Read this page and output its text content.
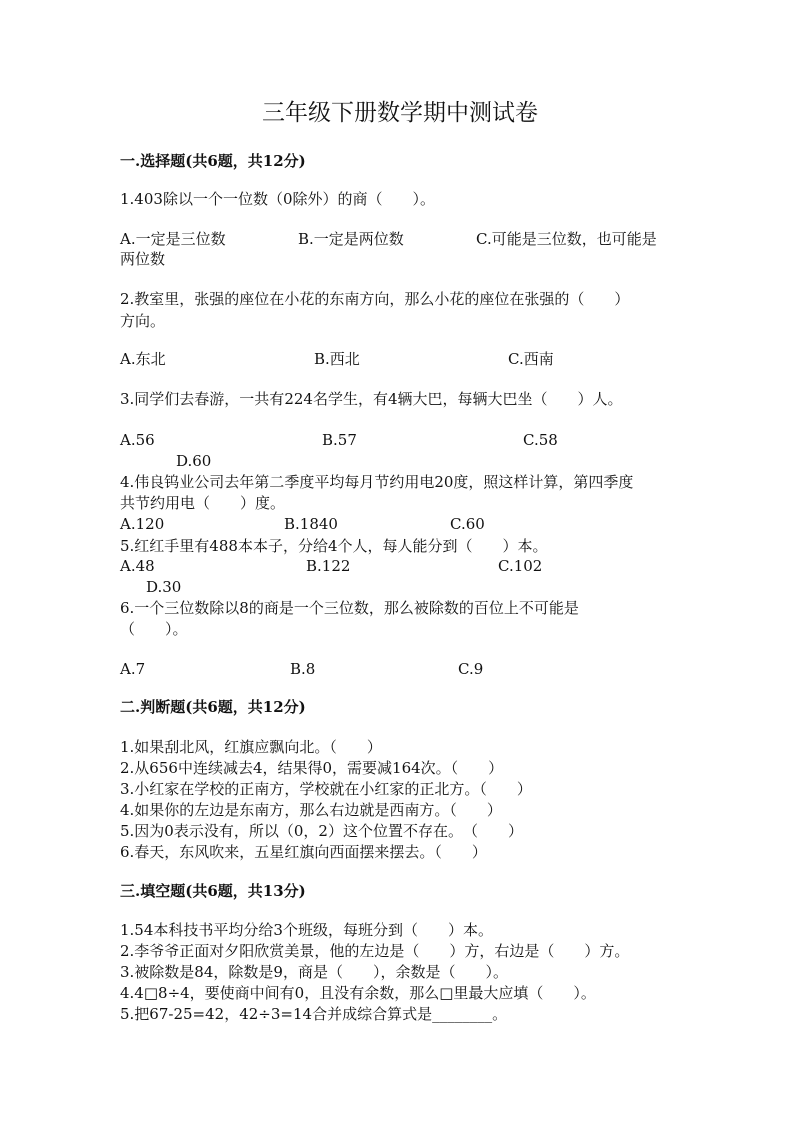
三年级下册数学期中测试卷
一.选择题(共6题，共12分)
1.403除以一个一位数（0除外）的商（　　）。
A.一定是三位数	B.一定是两位数	C.可能是三位数，也可能是
两位数
2.教室里，张强的座位在小花的东南方向，那么小花的座位在张强的（　　）
方向。
A.东北	B.西北	C.西南
3.同学们去春游，一共有224名学生，有4辆大巴，每辆大巴坐（　　）人。
A.56	B.57	C.58
D.60
4.伟良钨业公司去年第二季度平均每月节约用电20度，照这样计算，第四季度
共节约用电（　　）度。
A.120	B.1840	C.60
5.红红手里有488本本子，分给4个人，每人能分到（　　）本。
A.48	B.122	C.102
D.30
6.一个三位数除以8的商是一个三位数，那么被除数的百位上不可能是
（　　）。
A.7	B.8	C.9
二.判断题(共6题，共12分)
1.如果刮北风，红旗应飘向北。（　　）
2.从656中连续减去4，结果得0，需要减164次。（　　）
3.小红家在学校的正南方，学校就在小红家的正北方。（　　）
4.如果你的左边是东南方，那么右边就是西南方。（　　）
5.因为0表示没有，所以（0，2）这个位置不存在。　（　　）
6.春天，东风吹来，五星红旗向西面摆来摆去。（　　）
三.填空题(共6题，共13分)
1.54本科技书平均分给3个班级，每班分到（　　）本。
2.李爷爷正面对夕阳欣赏美景，他的左边是（　　）方，右边是（　　）方。
3.被除数是84，除数是9，商是（　　），余数是（　　）。
4.4□8÷4，要使商中间有0，且没有余数，那么□里最大应填（　　）。
5.把67-25=42，42÷3=14合并成综合算式是________。
